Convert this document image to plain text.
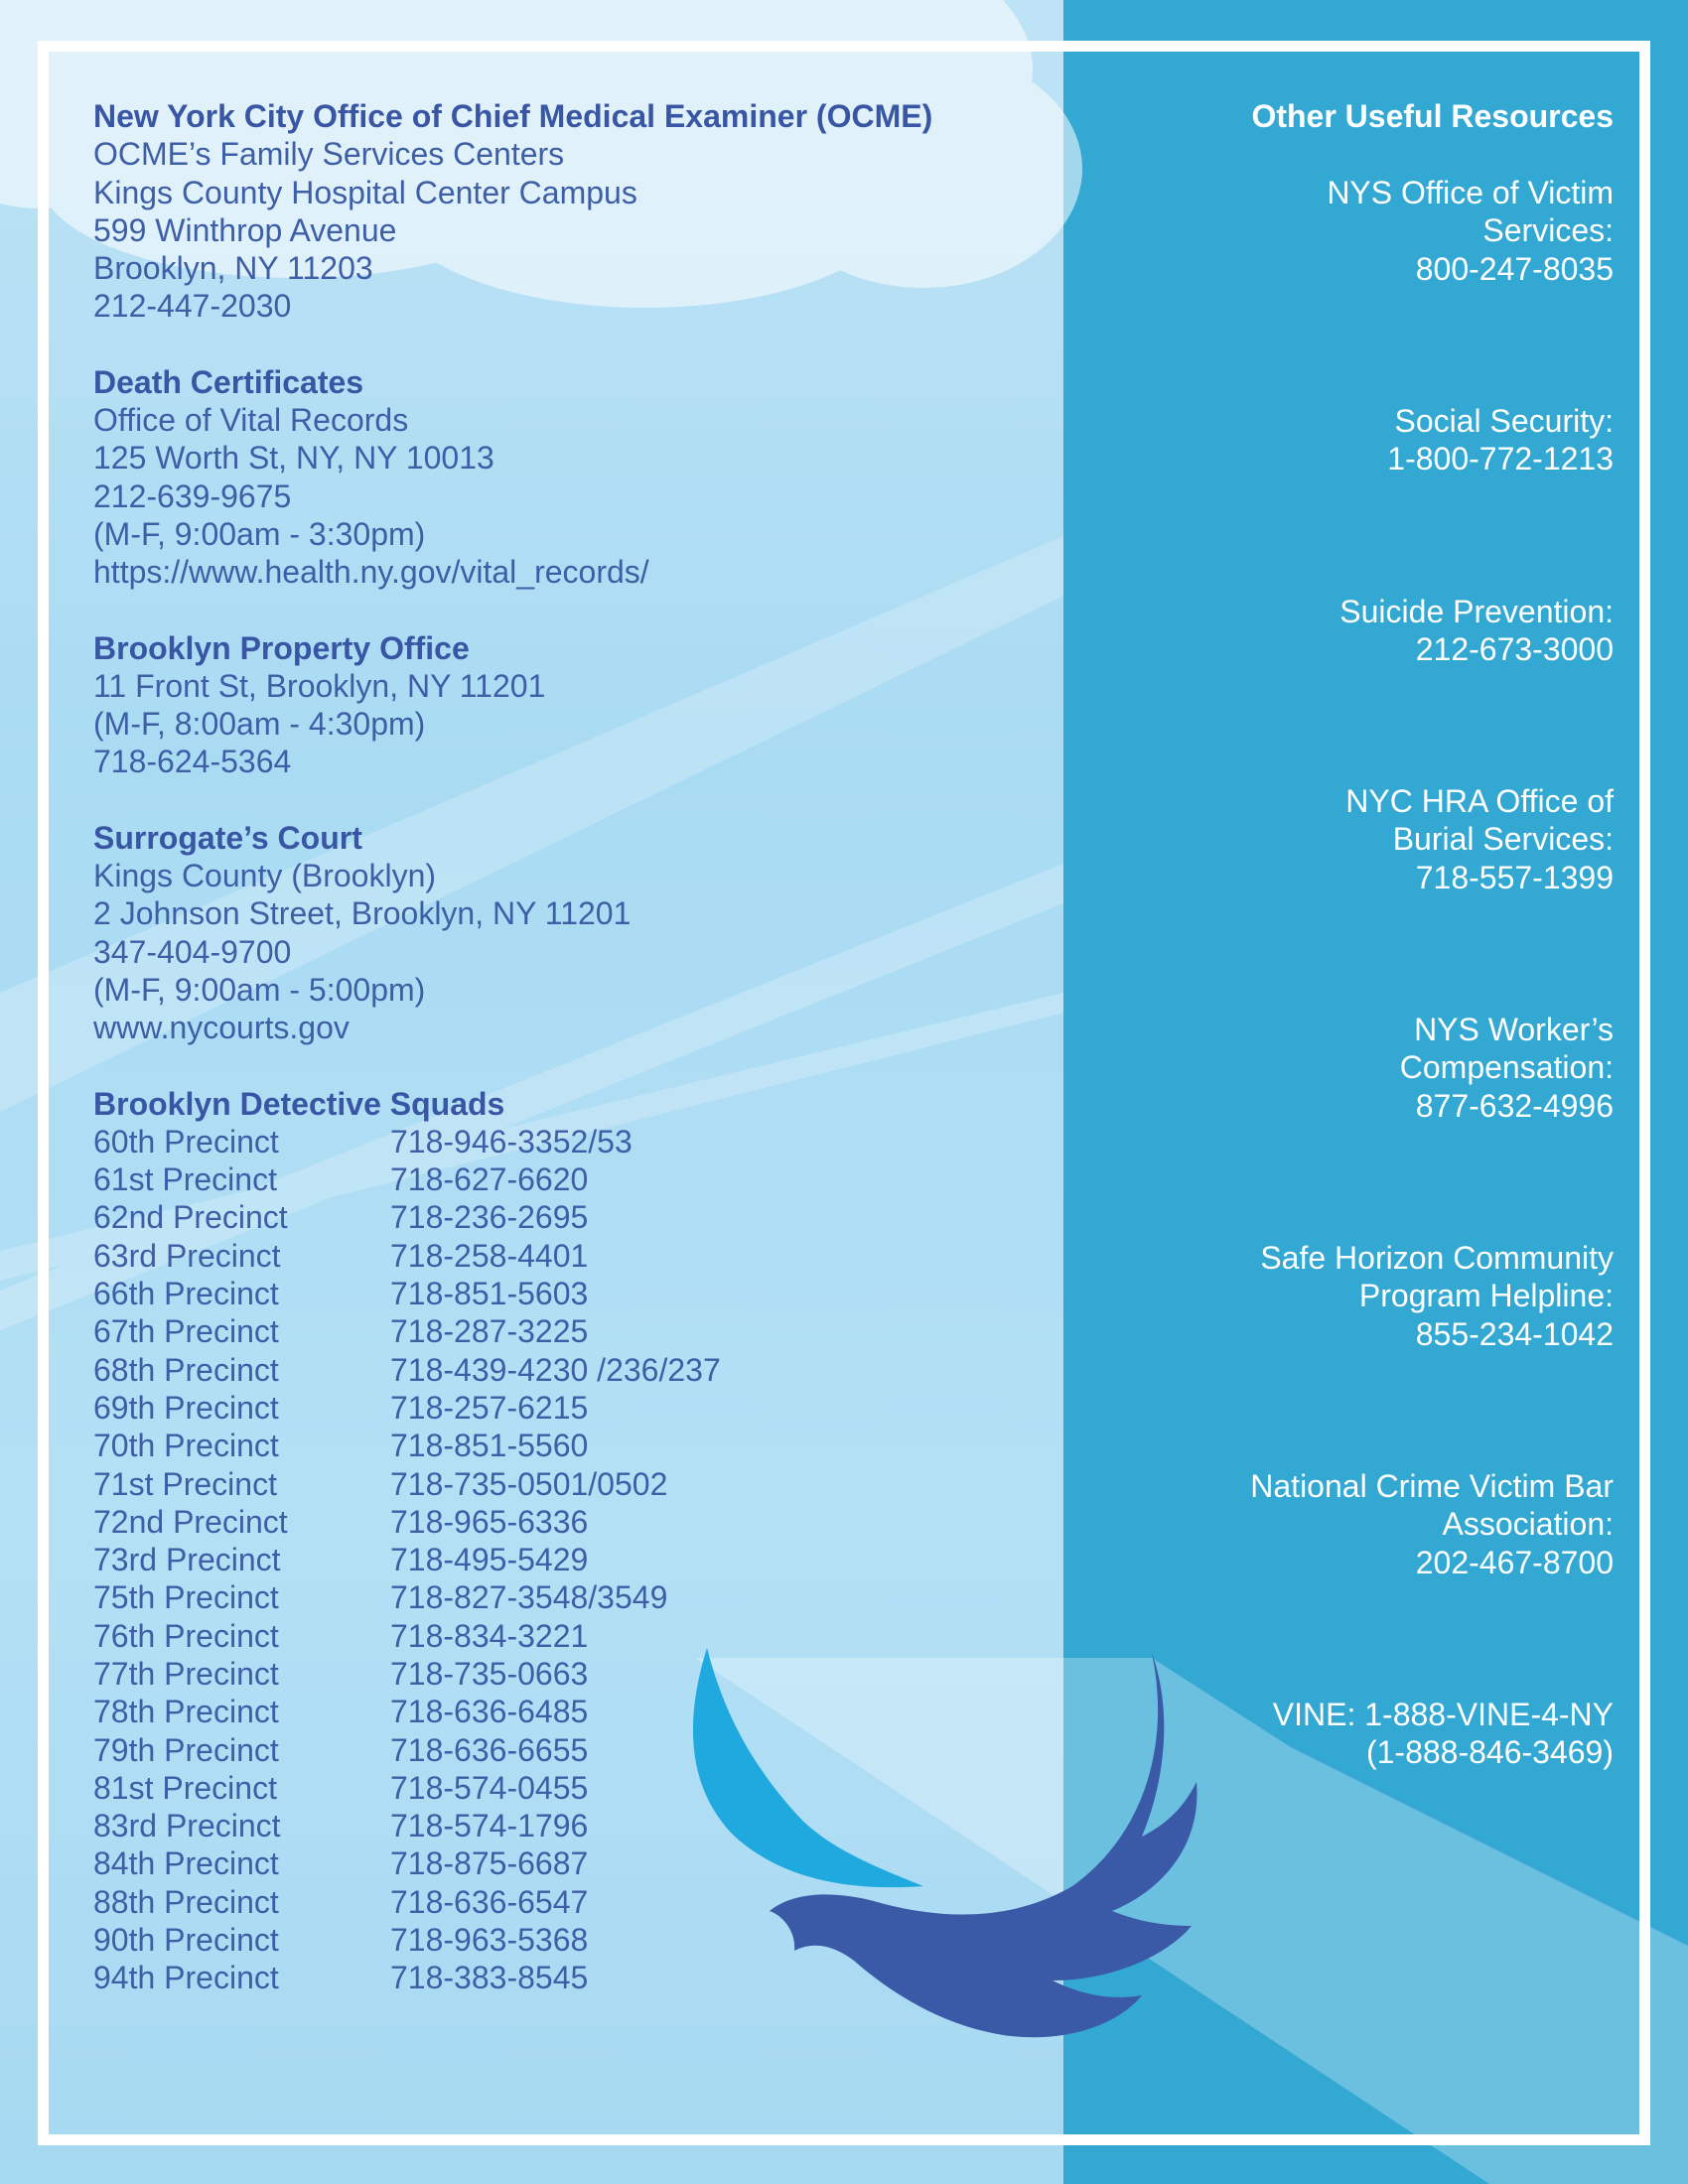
New York City Office of Chief Medical Examiner (OCME)
OCME’s Family Services Centers
Kings County Hospital Center Campus
599 Winthrop Avenue
Brooklyn, NY 11203
212-447-2030
Death Certificates
Office of Vital Records
125 Worth St, NY, NY 10013
212-639-9675
(M-F, 9:00am - 3:30pm)
https://www.health.ny.gov/vital_records/
Brooklyn Property Office
11 Front St, Brooklyn, NY 11201
(M-F, 8:00am - 4:30pm)
718-624-5364
Surrogate’s Court
Kings County (Brooklyn)
2 Johnson Street, Brooklyn, NY 11201
347-404-9700
(M-F, 9:00am - 5:00pm)
www.nycourts.gov
Brooklyn Detective Squads
60th Precinct	718-946-3352/53
61st Precinct	718-627-6620
62nd Precinct	718-236-2695
63rd Precinct	718-258-4401
66th Precinct	718-851-5603
67th Precinct	718-287-3225
68th Precinct	718-439-4230 /236/237
69th Precinct	718-257-6215
70th Precinct	718-851-5560
71st Precinct	718-735-0501/0502
72nd Precinct	718-965-6336
73rd Precinct	718-495-5429
75th Precinct	718-827-3548/3549
76th Precinct	718-834-3221
77th Precinct	718-735-0663
78th Precinct	718-636-6485
79th Precinct	718-636-6655
81st Precinct	718-574-0455
83rd Precinct	718-574-1796
84th Precinct	718-875-6687
88th Precinct	718-636-6547
90th Precinct	718-963-5368
94th Precinct	718-383-8545
Other Useful Resources
NYS Office of Victim
Services:
800-247-8035
Social Security:
1-800-772-1213
Suicide Prevention:
212-673-3000
NYC HRA Office of
Burial Services:
718-557-1399
NYS Worker’s
Compensation:
877-632-4996
Safe Horizon Community
Program Helpline:
855-234-1042
National Crime Victim Bar
Association:
202-467-8700
VINE: 1-888-VINE-4-NY
(1-888-846-3469)
